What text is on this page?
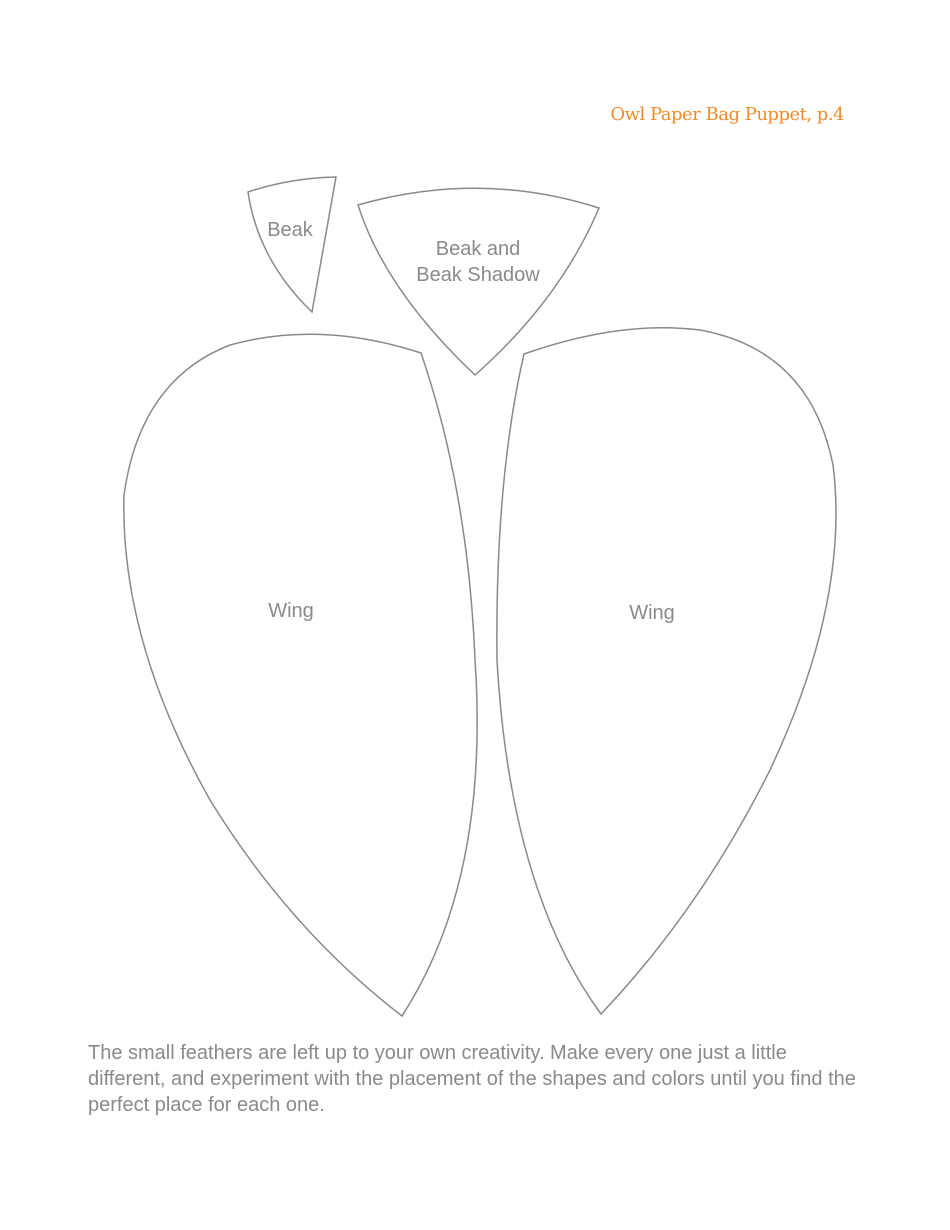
Owl Paper Bag Puppet, p.4
Beak
Beak and
Beak Shadow
Wing	Wing
The small feathers are left up to your own creativity. Make every one just a little different, and experiment with the placement of the shapes and colors until you find the perfect place for each one.
